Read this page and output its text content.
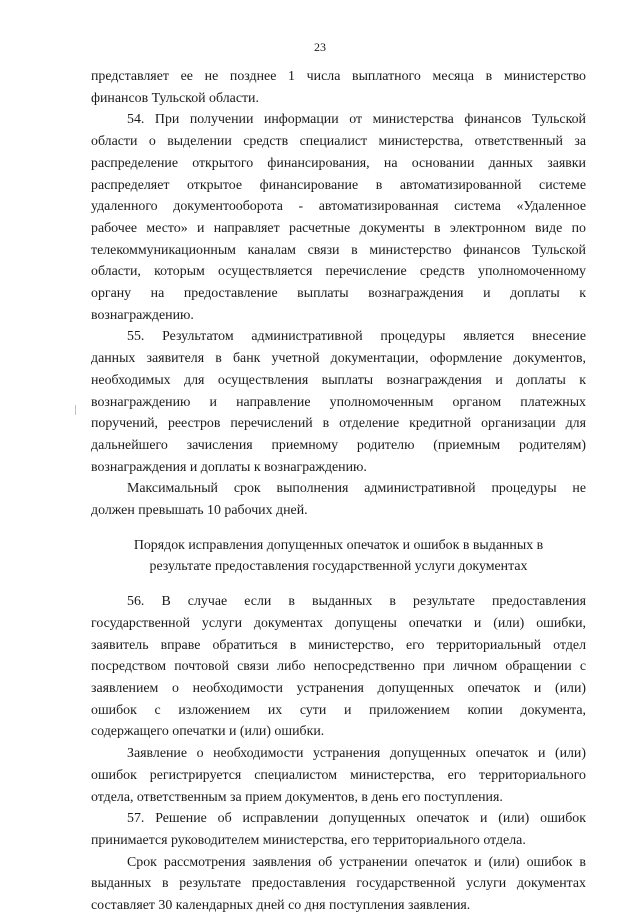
23
представляет ее не позднее 1 числа выплатного месяца в министерство
финансов Тульской области.
54. При получении информации от министерства финансов Тульской
области о выделении средств специалист министерства, ответственный за
распределение открытого финансирования, на основании данных заявки
распределяет открытое финансирование в автоматизированной системе
удаленного документооборота - автоматизированная система «Удаленное
рабочее место» и направляет расчетные документы в электронном виде по
телекоммуникационным каналам связи в министерство финансов Тульской
области, которым осуществляется перечисление средств уполномоченному
органу на предоставление выплаты вознаграждения и доплаты к
вознаграждению.
55. Результатом административной процедуры является внесение
данных заявителя в банк учетной документации, оформление документов,
необходимых для осуществления выплаты вознаграждения и доплаты к
вознаграждению и направление уполномоченным органом платежных
поручений, реестров перечислений в отделение кредитной организации для
дальнейшего зачисления приемному родителю (приемным родителям)
вознаграждения и доплаты к вознаграждению.
Максимальный срок выполнения административной процедуры не
должен превышать 10 рабочих дней.
Порядок исправления допущенных опечаток и ошибок в выданных в
результате предоставления государственной услуги документах
56. В случае если в выданных в результате предоставления
государственной услуги документах допущены опечатки и (или) ошибки,
заявитель вправе обратиться в министерство, его территориальный отдел
посредством почтовой связи либо непосредственно при личном обращении с
заявлением о необходимости устранения допущенных опечаток и (или)
ошибок с изложением их сути и приложением копии документа,
содержащего опечатки и (или) ошибки.
Заявление о необходимости устранения допущенных опечаток и (или)
ошибок регистрируется специалистом министерства, его территориального
отдела, ответственным за прием документов, в день его поступления.
57. Решение об исправлении допущенных опечаток и (или) ошибок
принимается руководителем министерства, его территориального отдела.
Срок рассмотрения заявления об устранении опечаток и (или) ошибок в
выданных в результате предоставления государственной услуги документах
составляет 30 календарных дней со дня поступления заявления.
